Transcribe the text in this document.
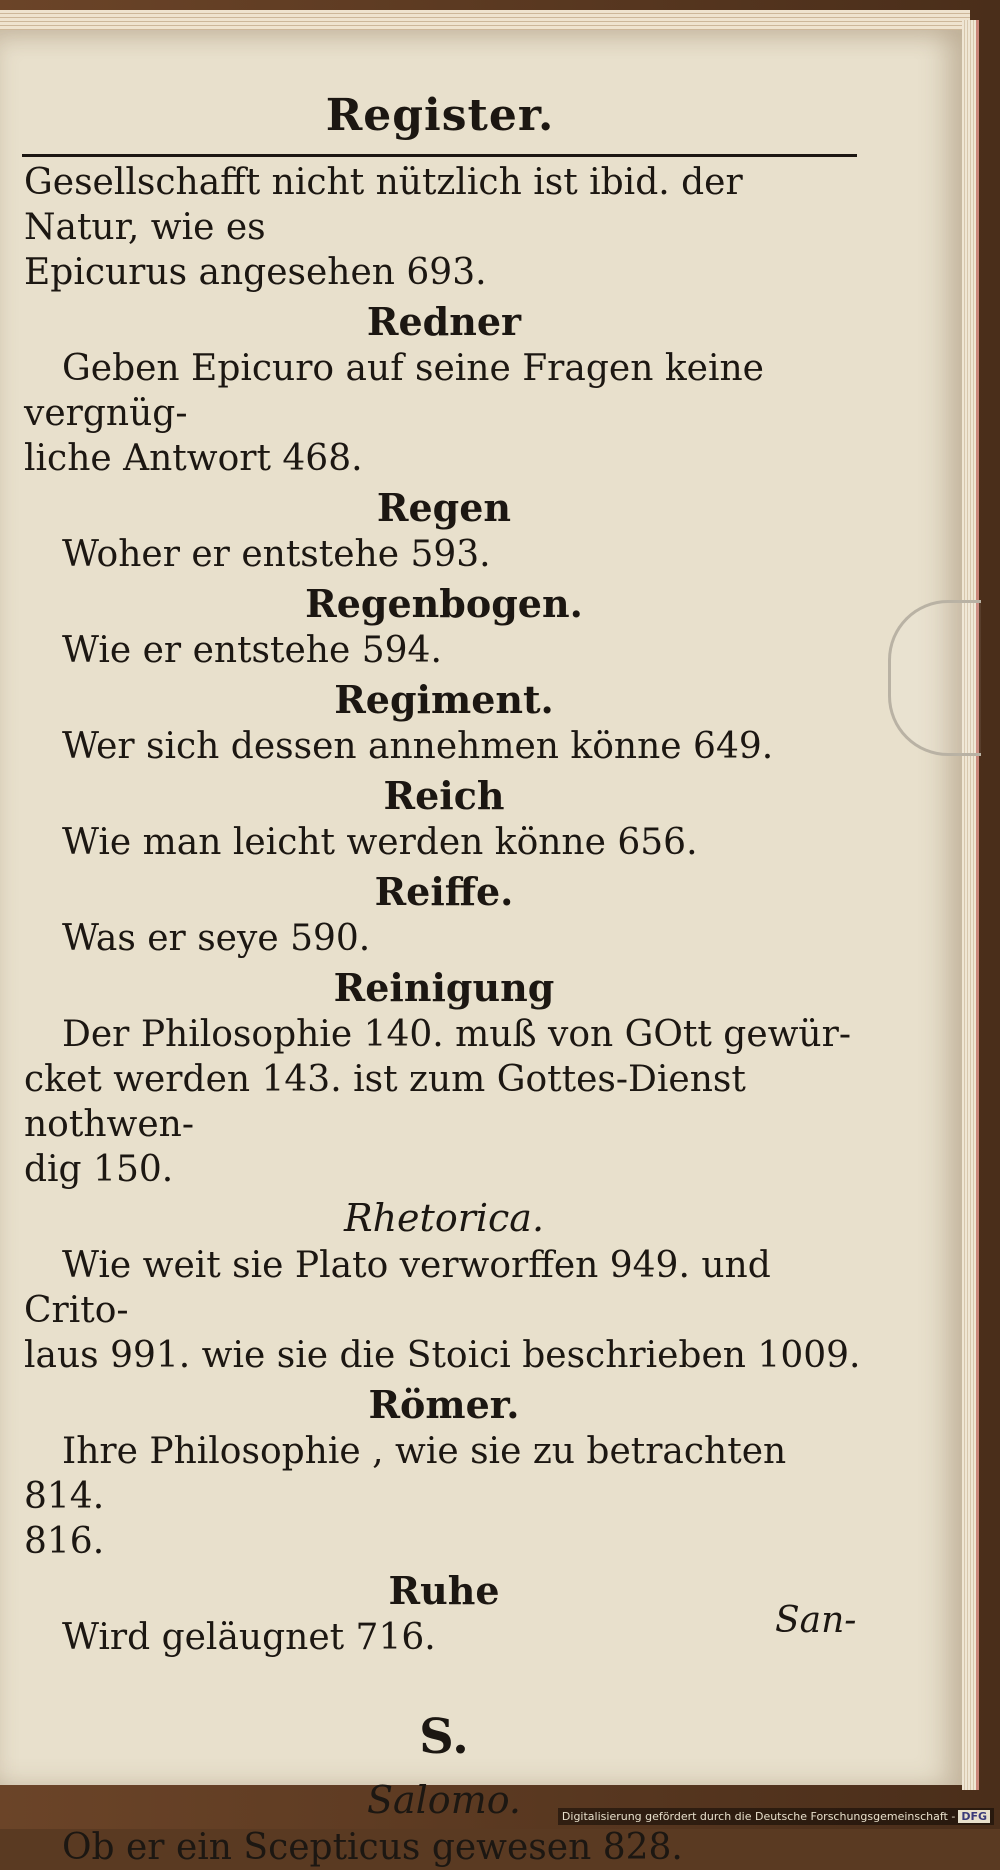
Register.

Gesellschafft nicht nützlich ist ibid. der Natur, wie es

Epicurus angesehen 693.

Redner

Geben Epicuro auf seine Fragen keine vergnüg-

liche Antwort 468.

Regen

Woher er entstehe 593.

Regenbogen.

Wie er entstehe 594.

Regiment.

Wer sich dessen annehmen könne 649.

Reich

Wie man leicht werden könne 656.

Reiffe.

Was er seye 590.

Reinigung

Der Philosophie 140. muß von GOtt gewür-

cket werden 143. ist zum Gottes-Dienst nothwen-

dig 150.

Rhetorica.

Wie weit sie Plato verworffen 949. und Crito-

laus 991. wie sie die Stoici beschrieben 1009.

Römer.

Ihre Philosophie , wie sie zu betrachten 814.

816.

Ruhe

Wird geläugnet 716.

S.
Salomo.

Ob er ein Scepticus gewesen 828.

San-
Digitalisierung gefördert durch die Deutsche Forschungsgemeinschaft - DFG
